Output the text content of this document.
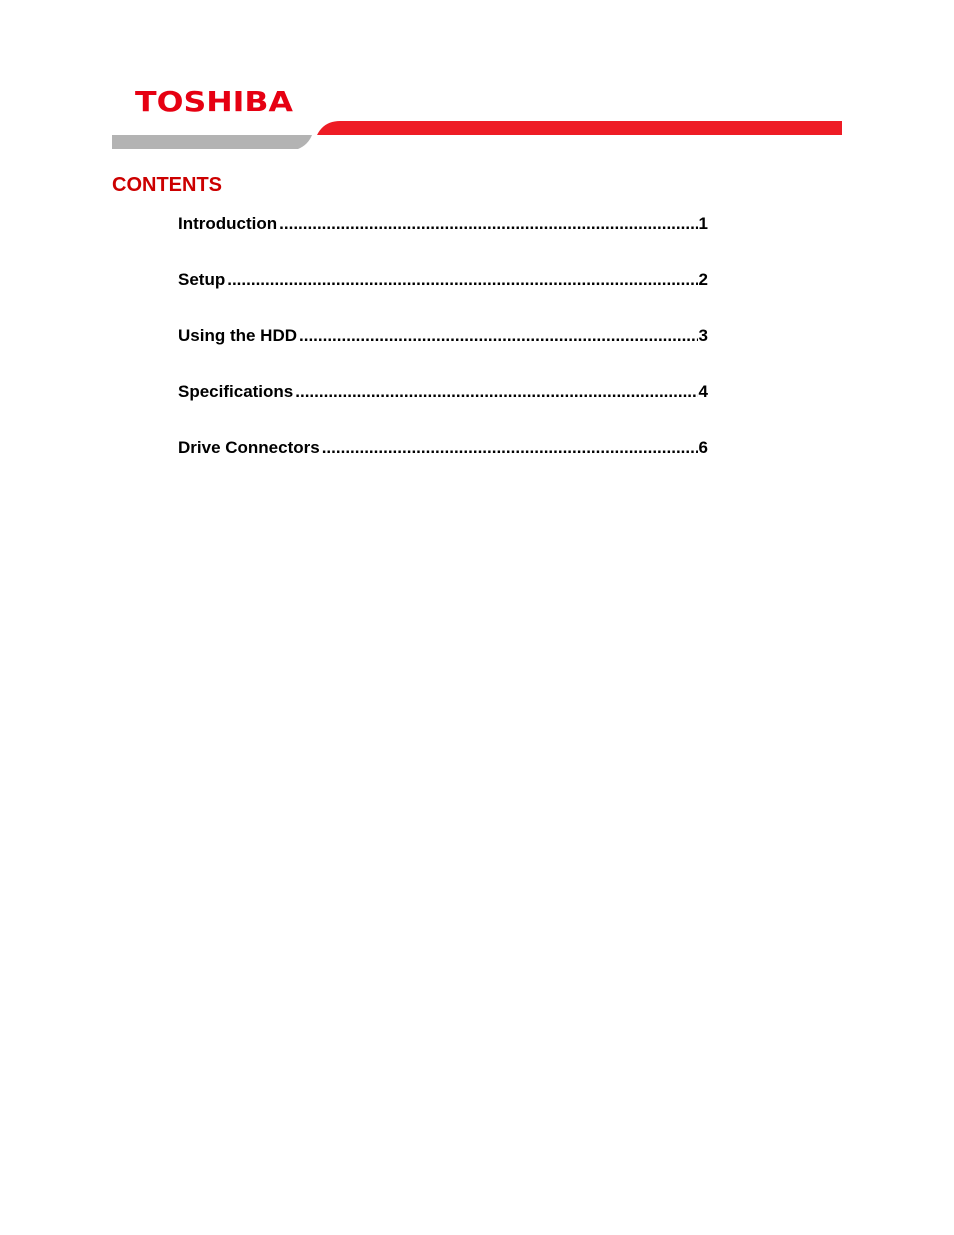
TOSHIBA
CONTENTS
Introduction .....	1
Setup .....	2
Using the HDD .....	3
Specifications .....	4
Drive Connectors .....	6
